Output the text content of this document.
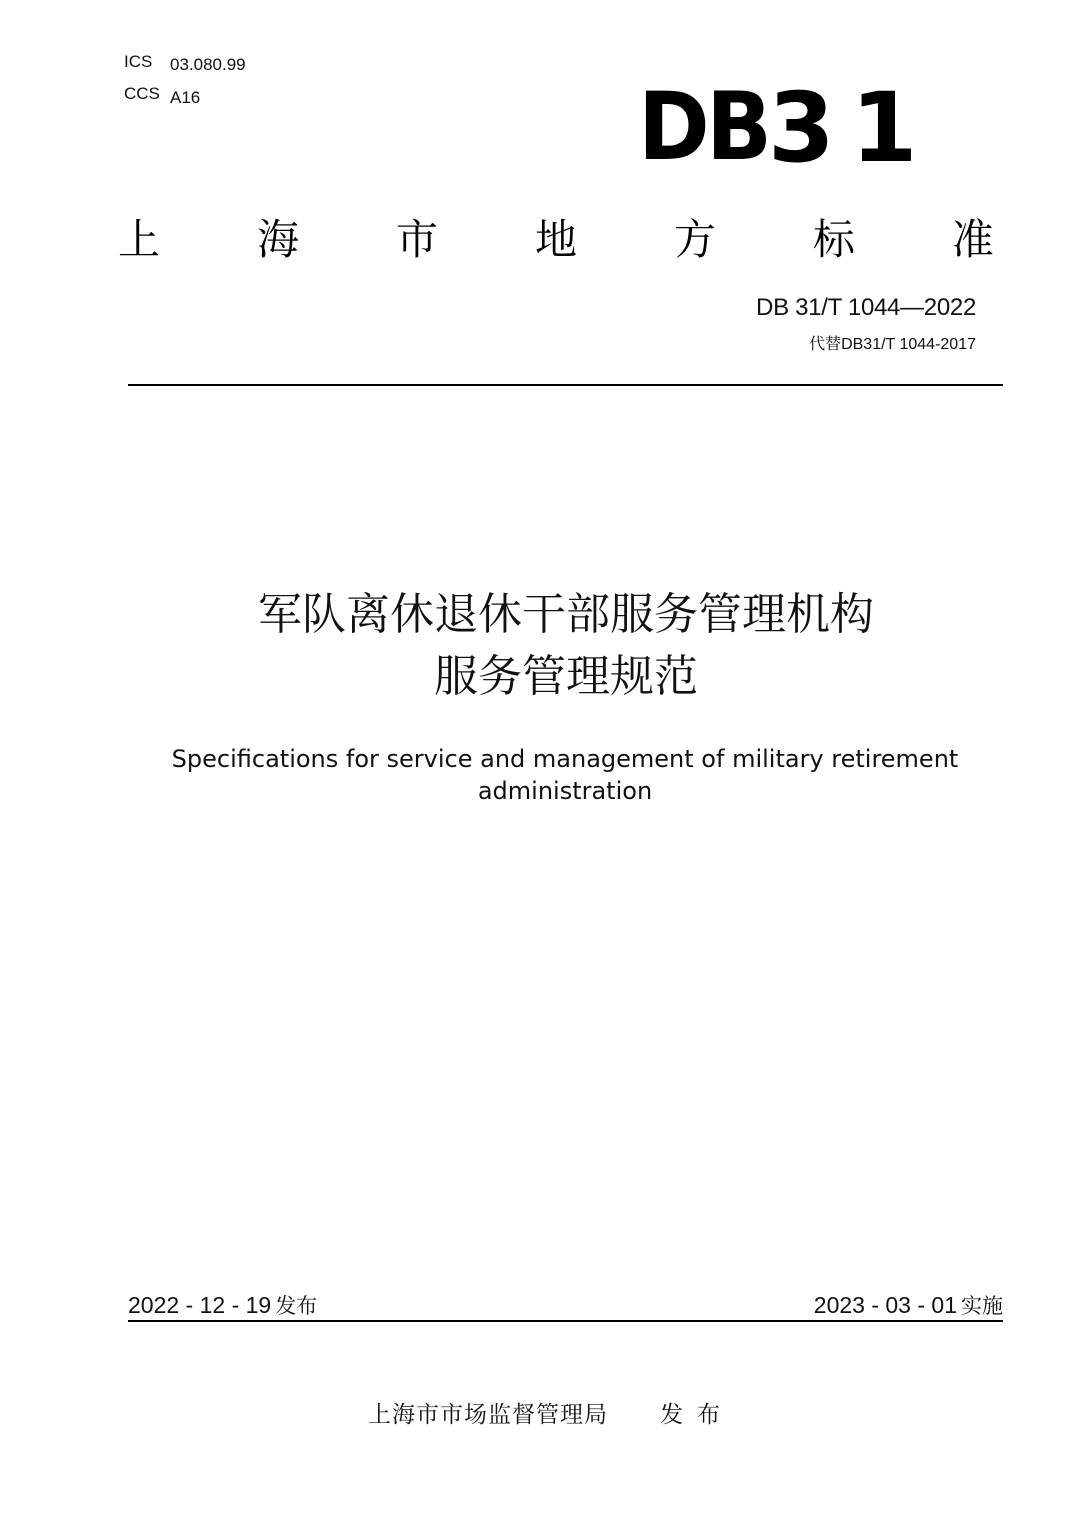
ICS 03.080.99
CCS A16	DB 31
上 海 市 地 方 标 准
DB 31/T 1044—2022
代替DB31/T 1044-2017
军队离休退休干部服务管理机构
服务管理规范
Specifications for service and management of military retirement administration
2022 - 12 - 19 发布	2023 - 03 - 01 实施
上海市市场监督管理局 发布
